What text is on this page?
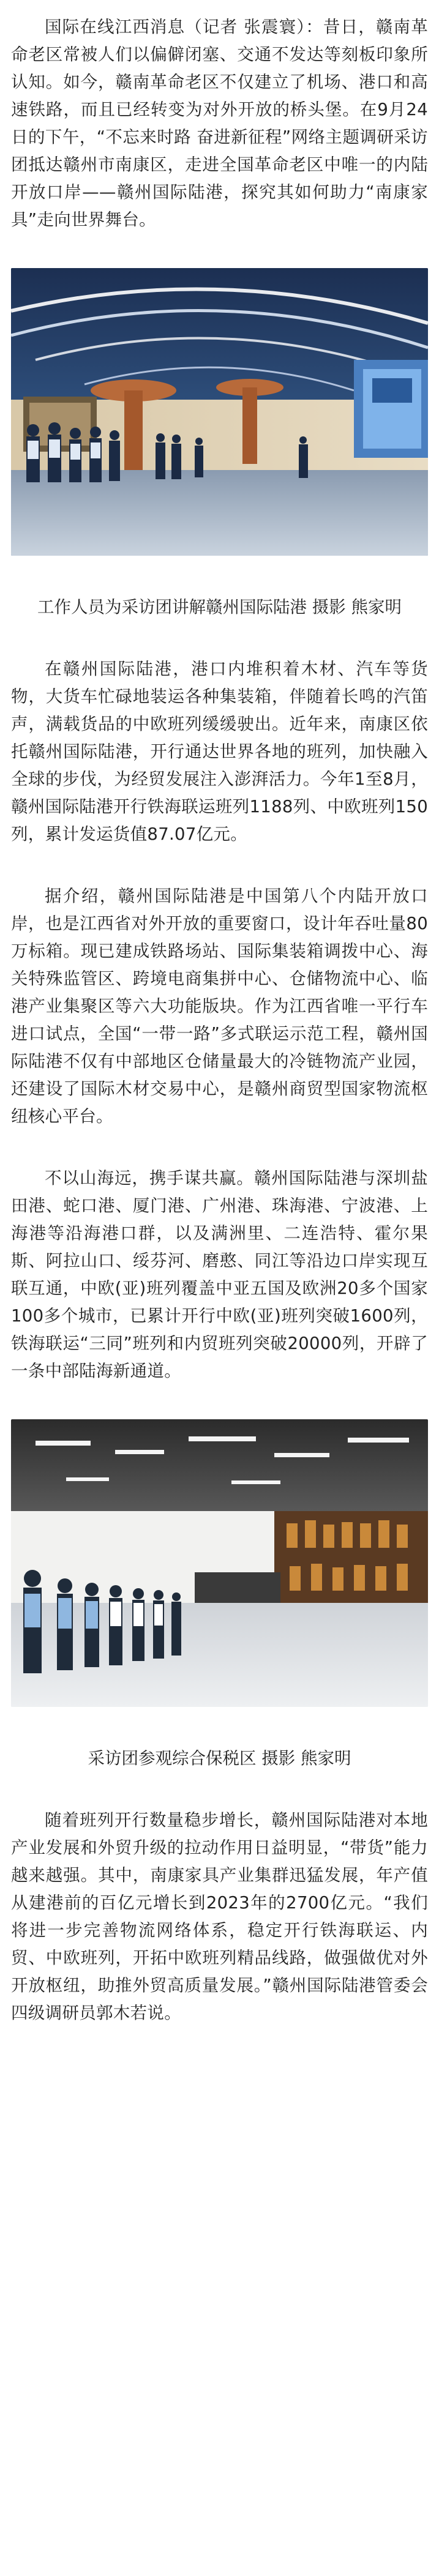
国际在线江西消息（记者 张震寰）：昔日，赣南革命老区常被人们以偏僻闭塞、交通不发达等刻板印象所认知。如今，赣南革命老区不仅建立了机场、港口和高速铁路，而且已经转变为对外开放的桥头堡。在9月24日的下午，“不忘来时路 奋进新征程”网络主题调研采访团抵达赣州市南康区，走进全国革命老区中唯一的内陆开放口岸——赣州国际陆港，探究其如何助力“南康家具”走向世界舞台。

工作人员为采访团讲解赣州国际陆港 摄影 熊家明

在赣州国际陆港，港口内堆积着木材、汽车等货物，大货车忙碌地装运各种集装箱，伴随着长鸣的汽笛声，满载货品的中欧班列缓缓驶出。近年来，南康区依托赣州国际陆港，开行通达世界各地的班列，加快融入全球的步伐，为经贸发展注入澎湃活力。今年1至8月，赣州国际陆港开行铁海联运班列1188列、中欧班列150列，累计发运货值87.07亿元。

据介绍，赣州国际陆港是中国第八个内陆开放口岸，也是江西省对外开放的重要窗口，设计年吞吐量80万标箱。现已建成铁路场站、国际集装箱调拨中心、海关特殊监管区、跨境电商集拼中心、仓储物流中心、临港产业集聚区等六大功能版块。作为江西省唯一平行车进口试点，全国“一带一路”多式联运示范工程，赣州国际陆港不仅有中部地区仓储量最大的冷链物流产业园，还建设了国际木材交易中心，是赣州商贸型国家物流枢纽核心平台。

不以山海远，携手谋共赢。赣州国际陆港与深圳盐田港、蛇口港、厦门港、广州港、珠海港、宁波港、上海港等沿海港口群，以及满洲里、二连浩特、霍尔果斯、阿拉山口、绥芬河、磨憨、同江等沿边口岸实现互联互通，中欧(亚)班列覆盖中亚五国及欧洲20多个国家100多个城市，已累计开行中欧(亚)班列突破1600列，铁海联运“三同”班列和内贸班列突破20000列，开辟了一条中部陆海新通道。

采访团参观综合保税区 摄影 熊家明

随着班列开行数量稳步增长，赣州国际陆港对本地产业发展和外贸升级的拉动作用日益明显，“带货”能力越来越强。其中，南康家具产业集群迅猛发展，年产值从建港前的百亿元增长到2023年的2700亿元。“我们将进一步完善物流网络体系，稳定开行铁海联运、内贸、中欧班列，开拓中欧班列精品线路，做强做优对外开放枢纽，助推外贸高质量发展。”赣州国际陆港管委会四级调研员郭木若说。
